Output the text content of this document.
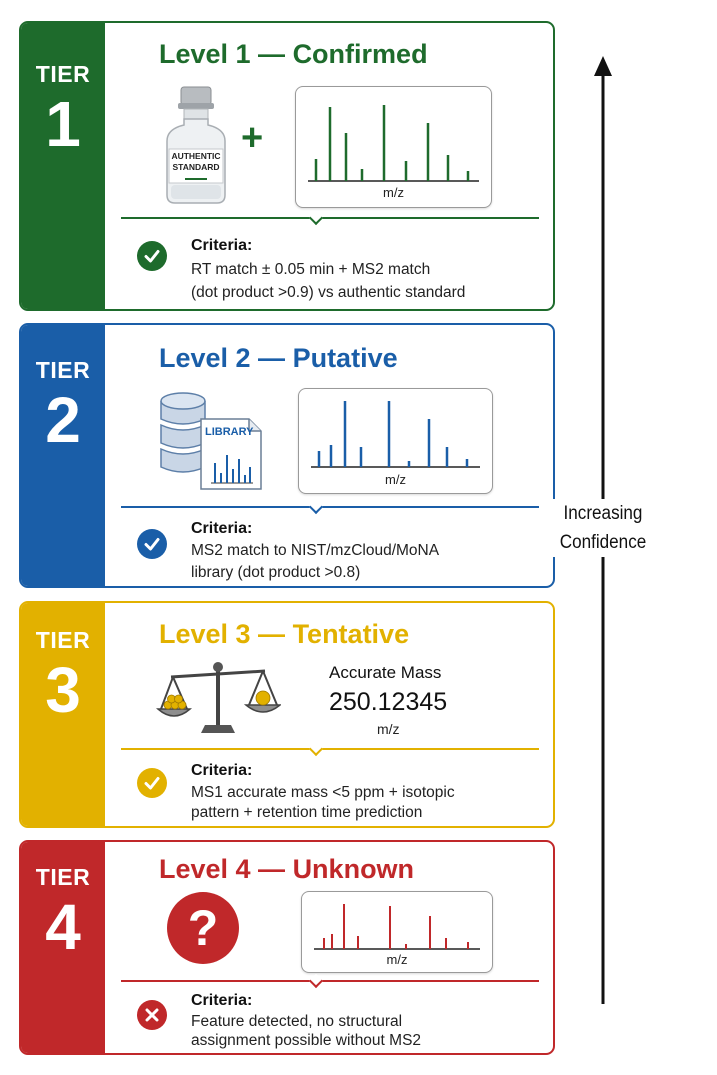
TIER
1
Level 1 — Confirmed
AUTHENTIC
STANDARD
+
m/z
Criteria:
RT match ± 0.05 min + MS2 match
(dot product >0.9) vs authentic standard
TIER
2
Level 2 — Putative
LIBRARY
m/z
Criteria:
MS2 match to NIST/mzCloud/MoNA
library (dot product >0.8)
TIER
3
Level 3 — Tentative
Accurate Mass
250.12345
m/z
Criteria:
MS1 accurate mass <5 ppm + isotopic
pattern + retention time prediction
TIER
4
Level 4 — Unknown
?
m/z
Criteria:
Feature detected, no structural
assignment possible without MS2
Increasing
Confidence
